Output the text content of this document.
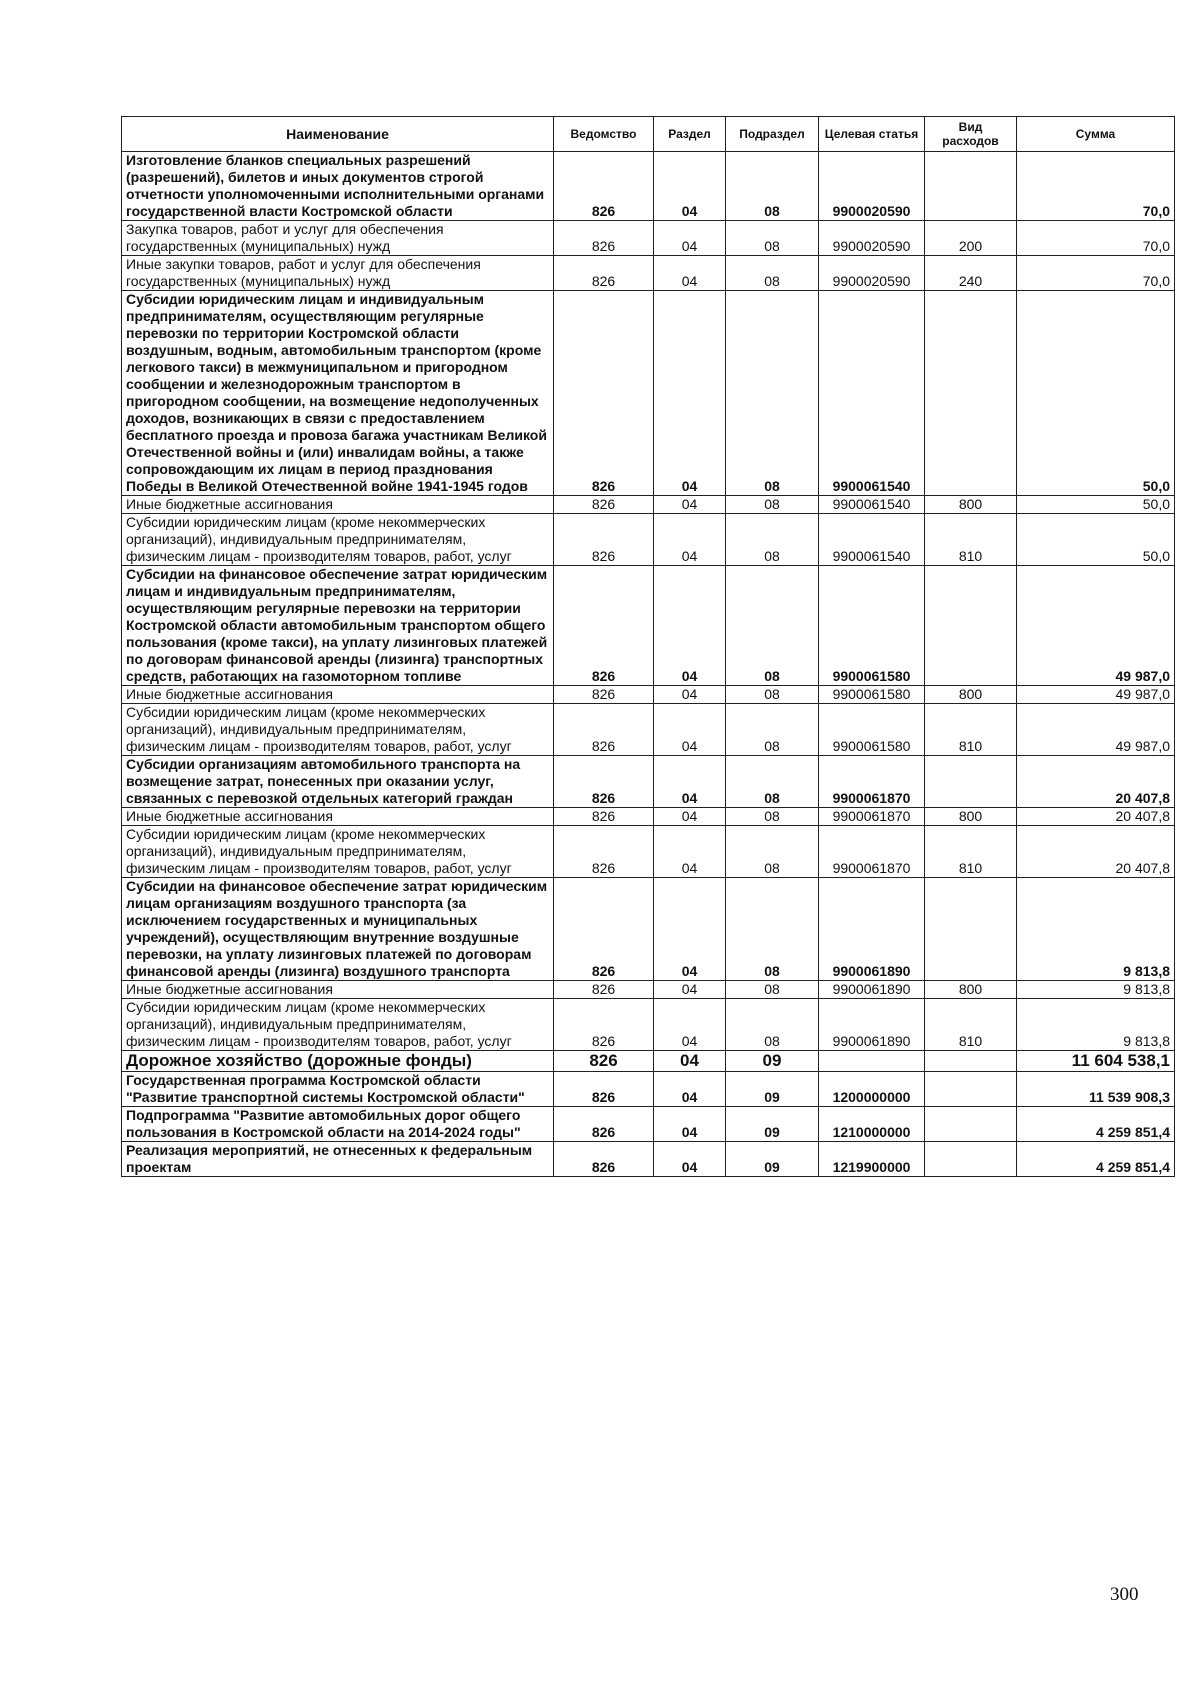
Наименование	Ведомство	Раздел	Подраздел	Целевая статья	Вид расходов	Сумма
Изготовление бланков специальных разрешений (разрешений), билетов и иных документов строгой отчетности уполномоченными исполнительными органами государственной власти Костромской области	826	04	08	9900020590		70,0
Закупка товаров, работ и услуг для обеспечения государственных (муниципальных) нужд	826	04	08	9900020590	200	70,0
Иные закупки товаров, работ и услуг для обеспечения государственных (муниципальных) нужд	826	04	08	9900020590	240	70,0
Субсидии юридическим лицам и индивидуальным предпринимателям, осуществляющим регулярные перевозки по территории Костромской области воздушным, водным, автомобильным транспортом (кроме легкового такси) в межмуниципальном и пригородном сообщении и железнодорожным транспортом в пригородном сообщении, на возмещение недополученных доходов, возникающих в связи с предоставлением бесплатного проезда и провоза багажа участникам Великой Отечественной войны и (или) инвалидам войны, а также сопровождающим их лицам в период празднования Победы в Великой Отечественной войне 1941-1945 годов	826	04	08	9900061540		50,0
Иные бюджетные ассигнования	826	04	08	9900061540	800	50,0
Субсидии юридическим лицам (кроме некоммерческих организаций), индивидуальным предпринимателям, физическим лицам - производителям товаров, работ, услуг	826	04	08	9900061540	810	50,0
Субсидии на финансовое обеспечение затрат юридическим лицам и индивидуальным предпринимателям, осуществляющим регулярные перевозки на территории Костромской области автомобильным транспортом общего пользования (кроме такси), на уплату лизинговых платежей по договорам финансовой аренды (лизинга) транспортных средств, работающих на газомоторном топливе	826	04	08	9900061580		49 987,0
Иные бюджетные ассигнования	826	04	08	9900061580	800	49 987,0
Субсидии юридическим лицам (кроме некоммерческих организаций), индивидуальным предпринимателям, физическим лицам - производителям товаров, работ, услуг	826	04	08	9900061580	810	49 987,0
Субсидии организациям автомобильного транспорта на возмещение затрат, понесенных при оказании услуг, связанных с перевозкой отдельных категорий граждан	826	04	08	9900061870		20 407,8
Иные бюджетные ассигнования	826	04	08	9900061870	800	20 407,8
Субсидии юридическим лицам (кроме некоммерческих организаций), индивидуальным предпринимателям, физическим лицам - производителям товаров, работ, услуг	826	04	08	9900061870	810	20 407,8
Субсидии на финансовое обеспечение затрат юридическим лицам организациям воздушного транспорта (за исключением государственных и муниципальных учреждений), осуществляющим внутренние воздушные перевозки, на уплату лизинговых платежей по договорам финансовой аренды (лизинга) воздушного транспорта	826	04	08	9900061890		9 813,8
Иные бюджетные ассигнования	826	04	08	9900061890	800	9 813,8
Субсидии юридическим лицам (кроме некоммерческих организаций), индивидуальным предпринимателям, физическим лицам - производителям товаров, работ, услуг	826	04	08	9900061890	810	9 813,8
Дорожное хозяйство (дорожные фонды)	826	04	09			11 604 538,1
Государственная программа Костромской области "Развитие транспортной системы Костромской области"	826	04	09	1200000000		11 539 908,3
Подпрограмма "Развитие автомобильных дорог общего пользования в Костромской области на 2014-2024 годы"	826	04	09	1210000000		4 259 851,4
Реализация мероприятий, не отнесенных к федеральным проектам	826	04	09	1219900000		4 259 851,4
300
